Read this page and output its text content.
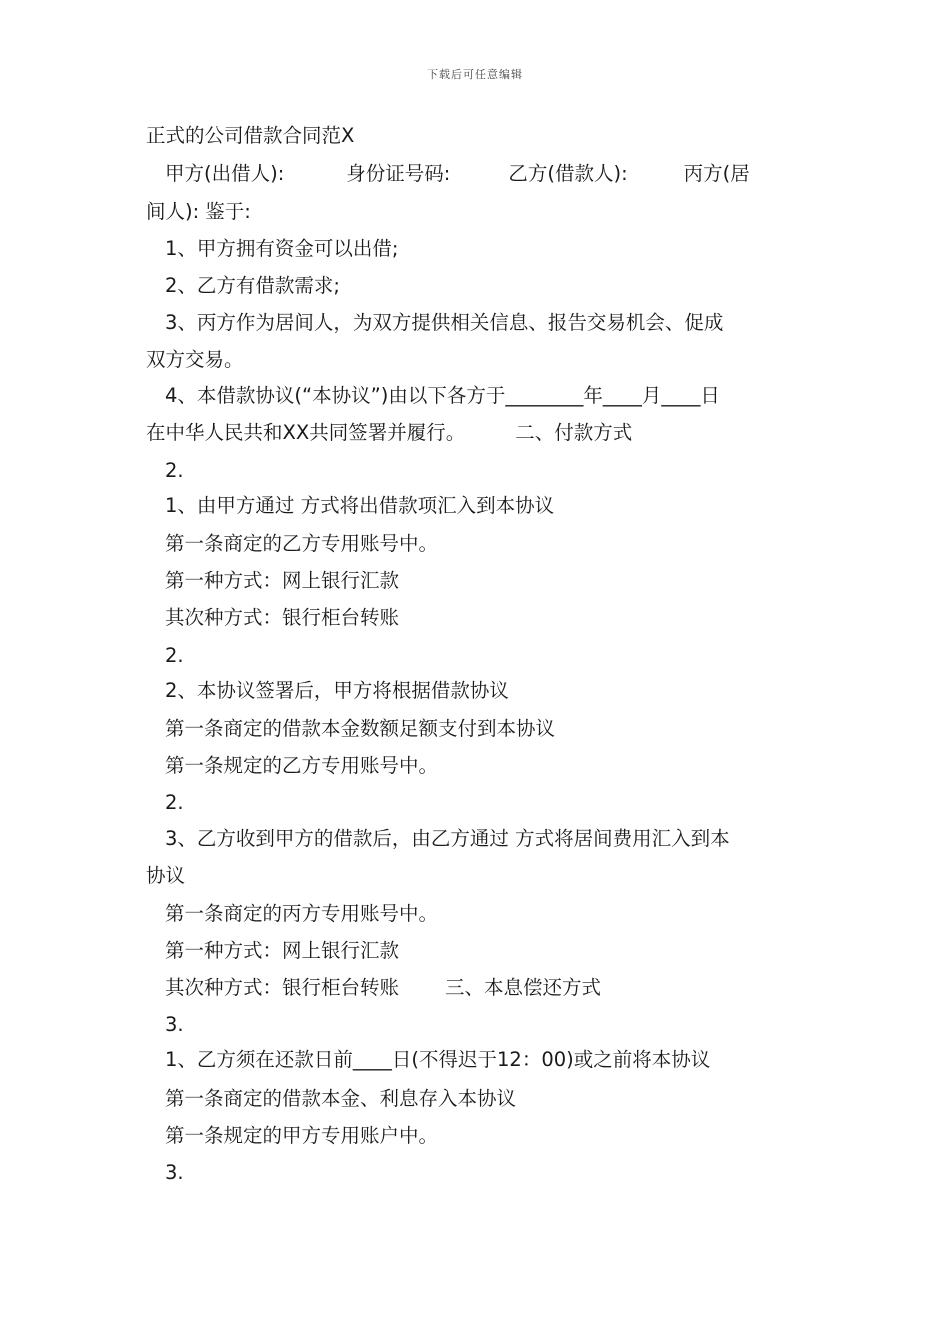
下载后可任意编辑
正式的公司借款合同范X
甲方(出借人):	身份证号码:	乙方(借款人):	丙方(居
间人): 鉴于:
1、甲方拥有资金可以出借;
2、乙方有借款需求;
3、丙方作为居间人，为双方提供相关信息、报告交易机会、促成
双方交易。
4、本借款协议(“本协议”)由以下各方于________年____月____日
在中华人民共和XX共同签署并履行。	二、付款方式
2.
1、由甲方通过 方式将出借款项汇入到本协议
第一条商定的乙方专用账号中。
第一种方式：网上银行汇款
其次种方式：银行柜台转账
2.
2、本协议签署后，甲方将根据借款协议
第一条商定的借款本金数额足额支付到本协议
第一条规定的乙方专用账号中。
2.
3、乙方收到甲方的借款后，由乙方通过 方式将居间费用汇入到本
协议
第一条商定的丙方专用账号中。
第一种方式：网上银行汇款
其次种方式：银行柜台转账 三、本息偿还方式
3.
1、乙方须在还款日前____日(不得迟于12：00)或之前将本协议
第一条商定的借款本金、利息存入本协议
第一条规定的甲方专用账户中。
3.
